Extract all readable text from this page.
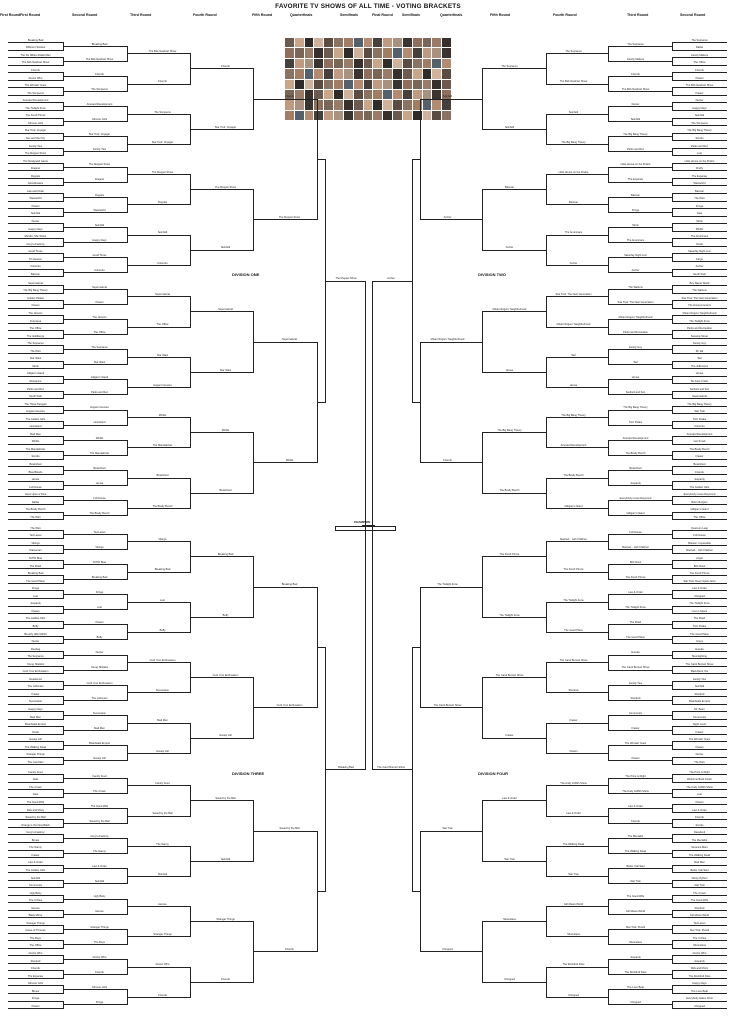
FAVORITE TV SHOWS OF ALL TIME - VOTING BRACKETS
First Round	Second Round	Third Round	Fourth Round	Fifth Round	Quarterfinals	Semifinals	Final Round	Semifinals	Quarterfinals	Fifth Round	Fourth Round	Third Round	Second Round
First Round
Breaking Bad
Different Strokes
The Six Million Dollar Man
The Bob Newhart Show
Friends
Doctor Who
The Wonder Years
The Simpsons
Arrested Development
The Twilight Zone
The Fresh Prince
Gilmore Girls
Star Trek: Voyager
Sex and the City
Family Ties
The Muppet Show
The Newlywed Game
Dragnet
Rugrats
Ghostbusters
Law and Order
Westworld
Cheers
Seinfeld
Dexter
Happy Days
Murder, She Wrote
Grey's Anatomy
Good Times
7th Heaven
Columbo
Batman
Breaking Bad
The Bob Newhart Show
Friends
The Simpsons
Arrested Development
Gilmore Girls
Star Trek: Voyager
Family Ties
The Muppet Show
Dragnet
Rugrats
Westworld
Seinfeld
Happy Days
Good Times
Columbo
The Bob Newhart Show
Friends
The Simpsons
Star Trek: Voyager
The Muppet Show
Rugrats
Seinfeld
Columbo
Friends
Star Trek: Voyager
The Muppet Show
Seinfeld
Friends
The Muppet Show
Supernatural
The Big Bang Theory
Golden Palace
Cheers
The Jetsons
Futurama
The Office
The Goldbergs
The Sopranos
The Wire
Star Wars
Monk
Giligan's Island
Roseanne
Parks and Rec
South Park
The Three Stooges
Hogan's Heroes
The Golden Girls
Homeland
Mad Men
MASH
The Mandalorian
Scrubs
Bewitched
Blue Bloods
House
Full House
Once Upon a Time
Dallas
The Brady Bunch
The Wire
Supernatural
Cheers
The Jetsons
The Office
The Sopranos
Star Wars
Giligan's Island
Parks and Rec
Hogan's Heroes
Homeland
MASH
The Mandalorian
Bewitched
House
Full House
The Brady Bunch
Supernatural
The Office
Star Wars
Hogan's Heroes
MASH
The Mandalorian
Bewitched
The Brady Bunch
Supernatural
Star Wars
MASH
Bewitched
Supernatural
MASH
The Wire
Ted Lasso
Vikings
Plainsman
NYPD Blue
The Flash
Breaking Bad
The Good Place
Fringe
Lost
Jeopardy
Cheers
The Golden Girls
Buffy
Beverly Hills 90210
Dexter
Fleabag
The Sopranos
Young Sheldon
Curb Your Enthusiasm
Deadwood
The Leftovers
Frasier
Succession
Happy Days
Mad Men
Boardwalk Empire
Ozark
Gossip Girl
The Walking Dead
Stranger Things
The Last Man
Ted Lasso
Vikings
NYPD Blue
Breaking Bad
Fringe
Lost
Cheers
Buffy
Dexter
Young Sheldon
Curb Your Enthusiasm
The Leftovers
Succession
Mad Men
Boardwalk Empire
Gossip Girl
Vikings
Breaking Bad
Lost
Buffy
Curb Your Enthusiasm
Succession
Mad Men
Gossip Girl
Breaking Bad
Buffy
Curb Your Enthusiasm
Gossip Girl
Breaking Bad
Curb Your Enthusiasm
Family Feud
Alias
The Crown
Glee
The Good Wife
Rick and Morty
Saved by the Bell
Orange is the New Black
Grey's Anatomy
Bones
The Nanny
Frasier
Law & Order
The Golden Girls
Seinfeld
Community
Ugly Betty
The X-Files
Heroes
Black Mirror
Stranger Things
Game of Thrones
The Boys
The Office
Doctor Who
Sherlock
Friends
The Expanse
Gilmore Girls
Bones
Fringe
Cheers
Family Feud
The Crown
The Good Wife
Saved by the Bell
Grey's Anatomy
The Nanny
Law & Order
Seinfeld
Ugly Betty
Heroes
Stranger Things
The Boys
Doctor Who
Friends
Gilmore Girls
Fringe
Family Feud
Saved by the Bell
The Nanny
Seinfeld
Heroes
Stranger Things
Doctor Who
Friends
Saved by the Bell
Seinfeld
Stranger Things
Friends
Saved by the Bell
Friends
The Sopranos
Dallas
Family Matters
The Office
Friends
Cheers
The Bob Newhart Show
Frasier
Dexter
Happy Days
Seinfeld
The Simpsons
The Big Bang Theory
Scrubs
Parks and Rec
Lost
Little House on the Prairie
Firefly
The Expanse
Westworld
Batman
The Wire
Fringe
Glee
Monk
MASH
The Americans
Ozark
Saturday Night Live
Fargo
Archer
South Park
The Sopranos
Family Matters
Friends
The Bob Newhart Show
Dexter
Seinfeld
The Big Bang Theory
Parks and Rec
Little House on the Prairie
The Expanse
Batman
Fringe
Monk
The Americans
Saturday Night Live
Archer
The Sopranos
The Bob Newhart Show
Seinfeld
The Big Bang Theory
Little House on the Prairie
Batman
The Americans
Archer
The Sopranos
Seinfeld
Batman
Archer
Seinfeld
Archer
Boy Meets World
The Waltons
Star Trek: The Next Generation
The Honeymooners
Mister Rogers' Neighborhood
The Twilight Zone
Parks and Recreation
Sesame Street
Family Guy
Mr. Ed
Taxi
The Jeffersons
House
Six Feet Under
Sanford and Son
Supernatural
The Big Bang Theory
Star Trek
Twin Peaks
Columbo
Arrested Development
Get Smart
The Brady Bunch
Frasier
Bewitched
Friends
Jeopardy
The Golden Girls
Everybody Loves Raymond
Bob's Burgers
Gilligan's Island
The Office
The Waltons
Star Trek: The Next Generation
Mister Rogers' Neighborhood
Parks and Recreation
Family Guy
Taxi
House
Sanford and Son
The Big Bang Theory
Twin Peaks
Arrested Development
The Brady Bunch
Bewitched
Jeopardy
Everybody Loves Raymond
Gilligan's Island
Star Trek: The Next Generation
Mister Rogers' Neighborhood
Taxi
House
The Big Bang Theory
Arrested Development
The Brady Bunch
Gilligan's Island
Mister Rogers' Neighborhood
House
The Big Bang Theory
The Brady Bunch
Mister Rogers' Neighborhood
Friends
Quantum Leap
Full House
Mission: Impossible
Married... with Children
Angel
Bob Ross
The Fresh Prince
Star Trek: Deep Space Nine
Law & Order
Chopped
The Twilight Zone
Lost in Space
The Flash
Twin Peaks
The Good Place
Greys
Eureka
Moonlighting
The Carol Burnett Show
Mad About You
Family Ties
Seinfeld
Sherlock
Boardwalk Empire
Mr. Bean
Community
Night Court
Frasier
The Wonder Years
Cheers
Dexter
The Wire
Full House
Married... with Children
Bob Ross
The Fresh Prince
Law & Order
The Twilight Zone
The Flash
The Good Place
Eureka
The Carol Burnett Show
Family Ties
Sherlock
Community
Frasier
The Wonder Years
Cheers
Married... with Children
The Fresh Prince
The Twilight Zone
The Good Place
The Carol Burnett Show
Sherlock
Frasier
Cheers
The Fresh Prince
The Twilight Zone
The Carol Burnett Show
Frasier
The Twilight Zone
The Carol Burnett Show
The Price is Right
Welcome Back Kotter
The Andy Griffith Show
Lost
Cheers
Law & Order
Friends
Scrubs
Daredevil
The Mentalist
Veronica Mars
The Walking Dead
Mad Men
Better Call Saul
Monty Python
Star Trek
The Crown
The Good Wife
Sherlock
Girl Meets World
Ted Lasso
Star Trek: Picard
The X-Files
Shameless
Doctor Who
Jeopardy
Rick and Morty
The Rockford Files
Happy Days
The Love Boat
Everybody Hates Chris
Chopped
The Price is Right
The Andy Griffith Show
Law & Order
Friends
The Mentalist
The Walking Dead
Better Call Saul
Star Trek
The Good Wife
Girl Meets World
Star Trek: Picard
Shameless
Jeopardy
The Rockford Files
The Love Boat
Chopped
The Andy Griffith Show
Law & Order
The Walking Dead
Star Trek
Girl Meets World
Shameless
The Rockford Files
Chopped
Law & Order
Star Trek
Shameless
Chopped
Star Trek
Chopped
The Muppet Show
Breaking Bad
Archer
The Carol Burnett Show
DIVISION ONE	DIVISION TWO
DIVISION THREE	DIVISION FOUR
CHAMPION
